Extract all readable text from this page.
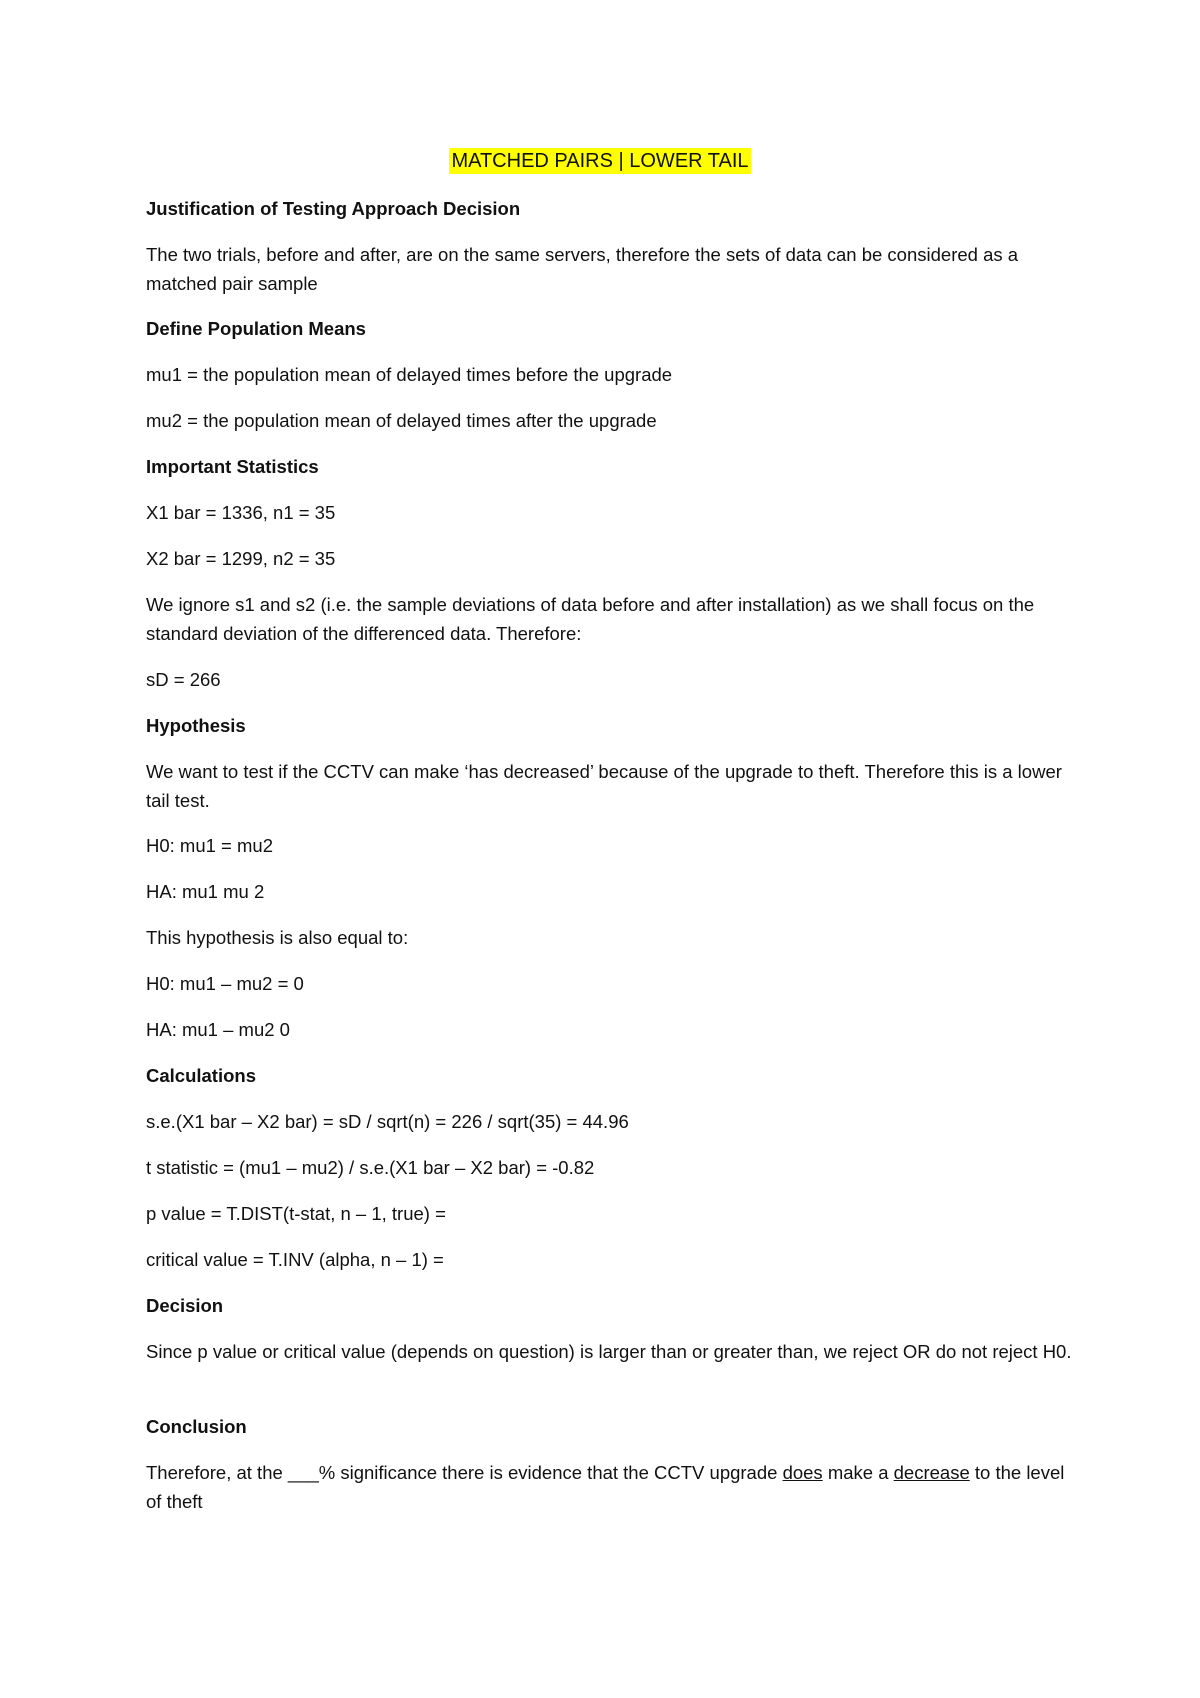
MATCHED PAIRS | LOWER TAIL
Justification of Testing Approach Decision
The two trials, before and after, are on the same servers, therefore the sets of data can be considered as a matched pair sample
Define Population Means
mu1 = the population mean of delayed times before the upgrade
mu2 = the population mean of delayed times after the upgrade
Important Statistics
X1 bar = 1336, n1 = 35
X2 bar = 1299, n2 = 35
We ignore s1 and s2 (i.e. the sample deviations of data before and after installation) as we shall focus on the standard deviation of the differenced data. Therefore:
sD = 266
Hypothesis
We want to test if the CCTV can make ‘has decreased’ because of the upgrade to theft. Therefore this is a lower tail test.
H0: mu1 = mu2
HA: mu1 mu 2
This hypothesis is also equal to:
H0: mu1 – mu2 = 0
HA: mu1 – mu2 0
Calculations
s.e.(X1 bar – X2 bar) = sD / sqrt(n) = 226 / sqrt(35) = 44.96
t statistic = (mu1 – mu2) / s.e.(X1 bar – X2 bar) = -0.82
p value = T.DIST(t-stat, n – 1, true) =
critical value = T.INV (alpha, n – 1) =
Decision
Since p value or critical value (depends on question) is larger than or greater than, we reject OR do not reject H0.
Conclusion
Therefore, at the ___% significance there is evidence that the CCTV upgrade does make a decrease to the level of theft
